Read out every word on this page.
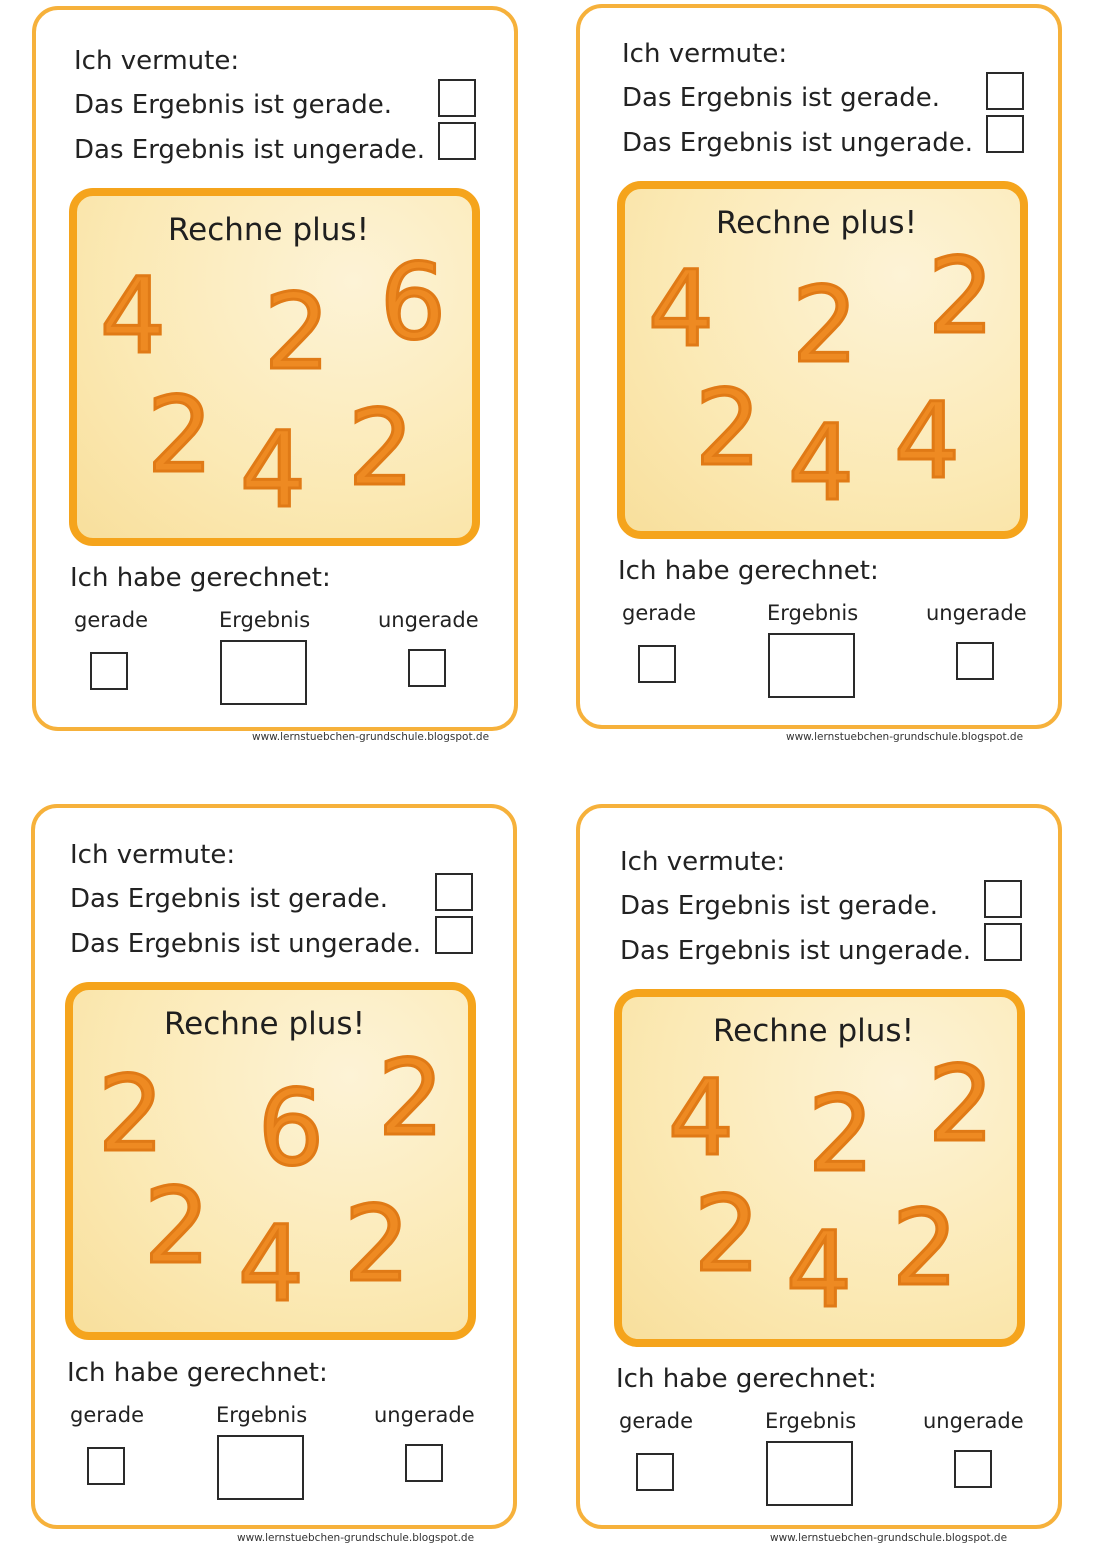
Ich vermute:
Das Ergebnis ist gerade.
Das Ergebnis ist ungerade.
Rechne plus!
4 2 6
2 4 2
Ich habe gerechnet:
gerade	Ergebnis	ungerade
www.lernstuebchen-grundschule.blogspot.de
Ich vermute:
Das Ergebnis ist gerade.
Das Ergebnis ist ungerade.
Rechne plus!
4 2 2
2 4 4
Ich habe gerechnet:
gerade	Ergebnis	ungerade
www.lernstuebchen-grundschule.blogspot.de
Ich vermute:
Das Ergebnis ist gerade.
Das Ergebnis ist ungerade.
Rechne plus!
2 6 2
2 4 2
Ich habe gerechnet:
gerade	Ergebnis	ungerade
www.lernstuebchen-grundschule.blogspot.de
Ich vermute:
Das Ergebnis ist gerade.
Das Ergebnis ist ungerade.
Rechne plus!
4 2 2
2 4 2
Ich habe gerechnet:
gerade	Ergebnis	ungerade
www.lernstuebchen-grundschule.blogspot.de
